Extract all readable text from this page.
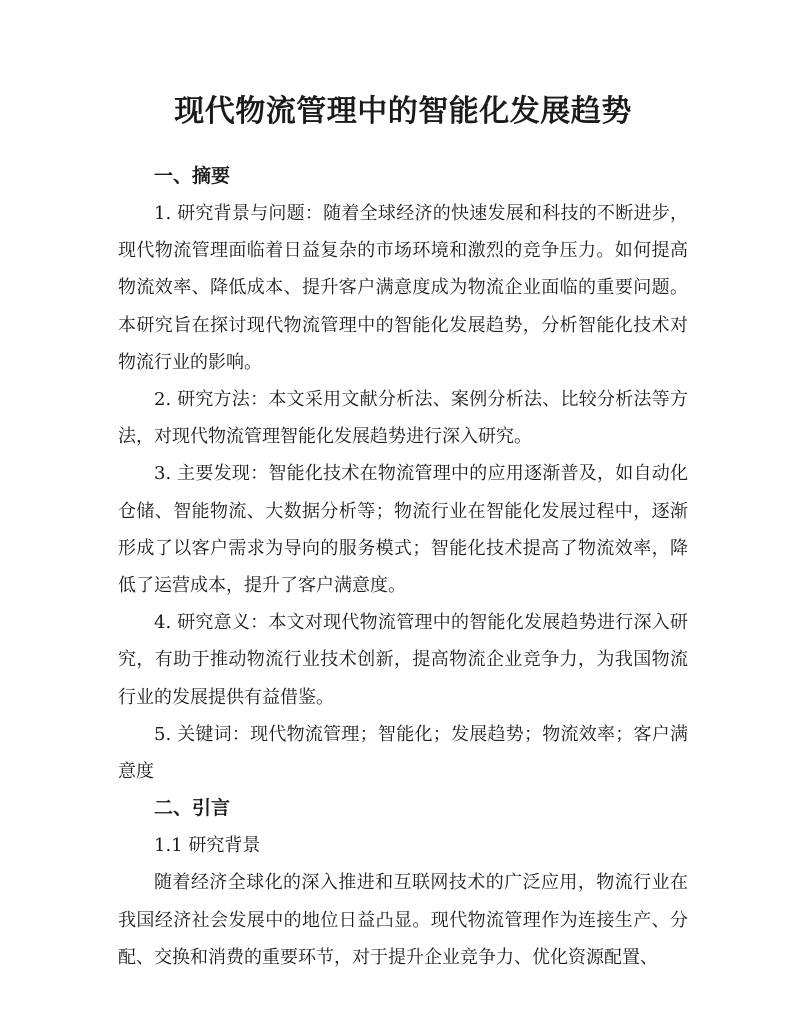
现代物流管理中的智能化发展趋势
一、摘要

1. 研究背景与问题：随着全球经济的快速发展和科技的不断进步，现代物流管理面临着日益复杂的市场环境和激烈的竞争压力。如何提高物流效率、降低成本、提升客户满意度成为物流企业面临的重要问题。本研究旨在探讨现代物流管理中的智能化发展趋势，分析智能化技术对物流行业的影响。

2. 研究方法：本文采用文献分析法、案例分析法、比较分析法等方法，对现代物流管理智能化发展趋势进行深入研究。

3. 主要发现：智能化技术在物流管理中的应用逐渐普及，如自动化仓储、智能物流、大数据分析等；物流行业在智能化发展过程中，逐渐形成了以客户需求为导向的服务模式；智能化技术提高了物流效率，降低了运营成本，提升了客户满意度。

4. 研究意义：本文对现代物流管理中的智能化发展趋势进行深入研究，有助于推动物流行业技术创新，提高物流企业竞争力，为我国物流行业的发展提供有益借鉴。

5. 关键词：现代物流管理；智能化；发展趋势；物流效率；客户满意度

二、引言

1.1 研究背景

随着经济全球化的深入推进和互联网技术的广泛应用，物流行业在我国经济社会发展中的地位日益凸显。现代物流管理作为连接生产、分配、交换和消费的重要环节，对于提升企业竞争力、优化资源配置、
